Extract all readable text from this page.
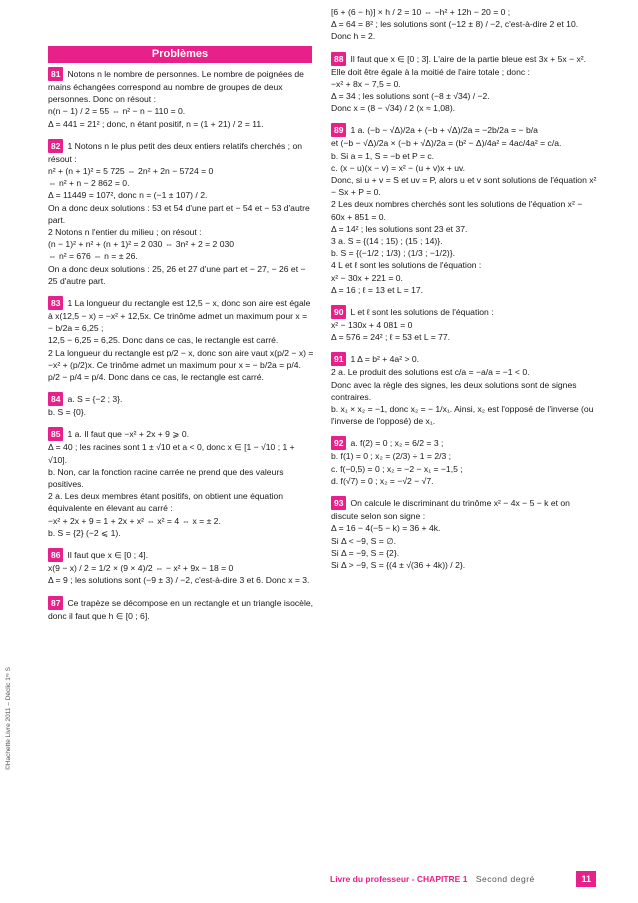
Problèmes
©Hachette Livre 2011 – Déclic 1ʳᵉ S

81 Notons n le nombre de personnes. Le nombre de poignées de mains échangées correspond au nombre de groupes de deux personnes. Donc on résout :

n(n − 1) / 2 = 55 ⇔ n² − n − 110 = 0.

Δ = 441 = 21² ; donc, n étant positif, n = (1 + 21) / 2 = 11.

82 1 Notons n le plus petit des deux entiers relatifs cherchés ; on résout :

n² + (n + 1)² = 5 725 ⇔ 2n² + 2n − 5724 = 0

⇔ n² + n − 2 862 = 0.

Δ = 11449 = 107², donc n = (−1 ± 107) / 2.

On a donc deux solutions : 53 et 54 d'une part et − 54 et − 53 d'autre part.

2 Notons n l'entier du milieu ; on résout :

(n − 1)² + n² + (n + 1)² = 2 030 ⇔ 3n² + 2 = 2 030

⇔ n² = 676 ⇔ n = ± 26.

On a donc deux solutions : 25, 26 et 27 d'une part et − 27, − 26 et − 25 d'autre part.

83 1 La longueur du rectangle est 12,5 − x, donc son aire est égale à x(12,5 − x) = −x² + 12,5x. Ce trinôme admet un maximum pour x = − b/2a = 6,25 ;

12,5 − 6,25 = 6,25. Donc dans ce cas, le rectangle est carré.

2 La longueur du rectangle est p/2 − x, donc son aire vaut x(p/2 − x) = −x² + (p/2)x. Ce trinôme admet un maximum pour x = − b/2a = p/4.

p/2 − p/4 = p/4. Donc dans ce cas, le rectangle est carré.

84 a. S = {−2 ; 3}.

b. S = {0}.

85 1 a. Il faut que −x² + 2x + 9 ⩾ 0.

Δ = 40 ; les racines sont 1 ± √10 et a < 0, donc x ∈ [1 − √10 ; 1 + √10].

b. Non, car la fonction racine carrée ne prend que des valeurs positives.

2 a. Les deux membres étant positifs, on obtient une équation équivalente en élevant au carré :

−x² + 2x + 9 = 1 + 2x + x² ⇔ x² = 4 ⇔ x = ± 2.

b. S = {2} (−2 ⩽ 1).

86 Il faut que x ∈ [0 ; 4].

x(9 − x) / 2 = 1/2 × (9 × 4)/2 ⇔ − x² + 9x − 18 = 0

Δ = 9 ; les solutions sont (−9 ± 3) / −2, c'est-à-dire 3 et 6. Donc x = 3.

87 Ce trapèze se décompose en un rectangle et un triangle isocèle, donc il faut que h ∈ [0 ; 6].

[6 + (6 − h)] × h / 2 = 10 ⇔ −h² + 12h − 20 = 0 ;

Δ = 64 = 8² ; les solutions sont (−12 ± 8) / −2, c'est-à-dire 2 et 10. Donc h = 2.

88 Il faut que x ∈ [0 ; 3]. L'aire de la partie bleue est 3x + 5x − x².

Elle doit être égale à la moitié de l'aire totale ; donc :

−x² + 8x − 7,5 = 0.

Δ = 34 ; les solutions sont (−8 ± √34) / −2.

Donc x = (8 − √34) / 2 (x ≈ 1,08).

89 1 a. (−b − √Δ)/2a + (−b + √Δ)/2a = −2b/2a = − b/a

et (−b − √Δ)/2a × (−b + √Δ)/2a = (b² − Δ)/4a² = 4ac/4a² = c/a.

b. Si a = 1, S = −b et P = c.

c. (x − u)(x − v) = x² − (u + v)x + uv.

Donc, si u + v = S et uv = P, alors u et v sont solutions de l'équation x² − Sx + P = 0.

2 Les deux nombres cherchés sont les solutions de l'équation x² − 60x + 851 = 0.

Δ = 14² ; les solutions sont 23 et 37.

3 a. S = {(14 ; 15) ; (15 ; 14)}.

b. S = {(−1/2 ; 1/3) ; (1/3 ; −1/2)}.

4 L et ℓ sont les solutions de l'équation :

x² − 30x + 221 = 0.

Δ = 16 ; ℓ = 13 et L = 17.

90 L et ℓ sont les solutions de l'équation :

x² − 130x + 4 081 = 0

Δ = 576 = 24² ; ℓ = 53 et L = 77.

91 1 Δ = b² + 4a² > 0.

2 a. Le produit des solutions est c/a = −a/a = −1 < 0.

Donc avec la règle des signes, les deux solutions sont de signes contraires.

b. x₁ × x₂ = −1, donc x₂ = − 1/x₁. Ainsi, x₂ est l'opposé de l'inverse (ou l'inverse de l'opposé) de x₁.

92 a. f(2) = 0 ; x₂ = 6/2 = 3 ;

b. f(1) = 0 ; x₂ = (2/3) ÷ 1 = 2/3 ;

c. f(−0,5) = 0 ; x₂ = −2 − x₁ = −1,5 ;

d. f(√7) = 0 ; x₂ = −√2 − √7.

93 On calcule le discriminant du trinôme x² − 4x − 5 − k et on discute selon son signe :

Δ = 16 − 4(−5 − k) = 36 + 4k.

Si Δ < −9, S = ∅.

Si Δ = −9, S = {2}.

Si Δ > −9, S = {(4 ± √(36 + 4k)) / 2}.

Livre du professeur - CHAPITRE 1 Second degré	11
